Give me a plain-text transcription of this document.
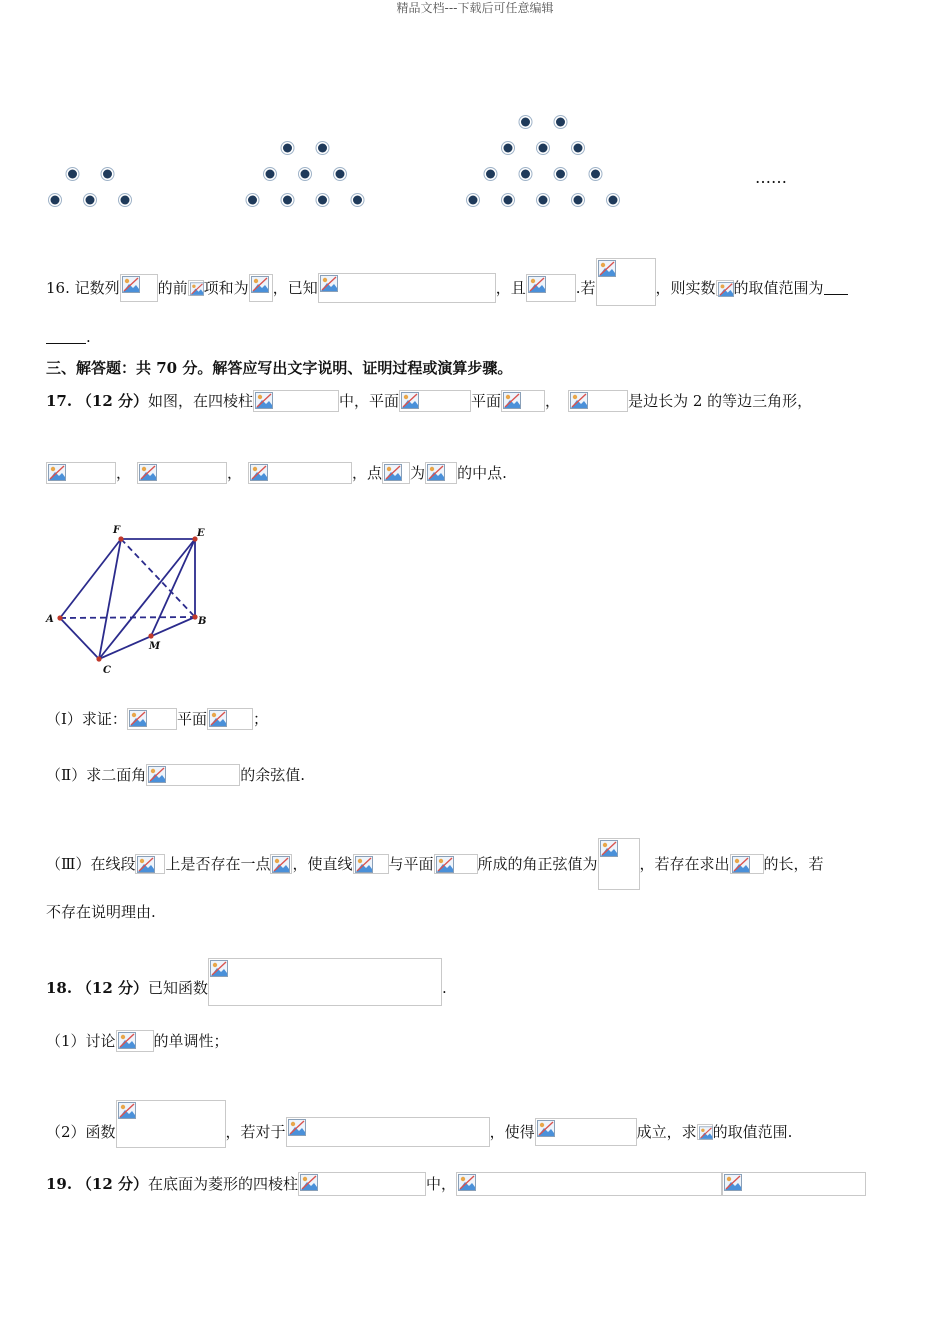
精品文档---下载后可任意编辑
……
16. 记数列	的前 项和为 ，已知	，且	.若	，则实数 的取值范围为
.
三、解答题：共 70 分。解答应写出文字说明、证明过程或演算步骤。
17. （12 分）如图，在四棱柱	中，平面	平面	，	是边长为 2 的等边三角形，
，	，	，点 为 的中点.
F	E
A	B
M
C
（Ⅰ）求证：	平面	；
（Ⅱ）求二面角	的余弦值.
（Ⅲ）在线段 上是否存在一点 ，使直线 与平面	所成的角正弦值为	，若存在求出 的长，若
不存在说明理由.
18. （12 分）已知函数	.
（1）讨论	的单调性；
（2）函数	，若对于	，使得	成立，求 的取值范围.
19. （12 分）在底面为菱形的四棱柱	中，
